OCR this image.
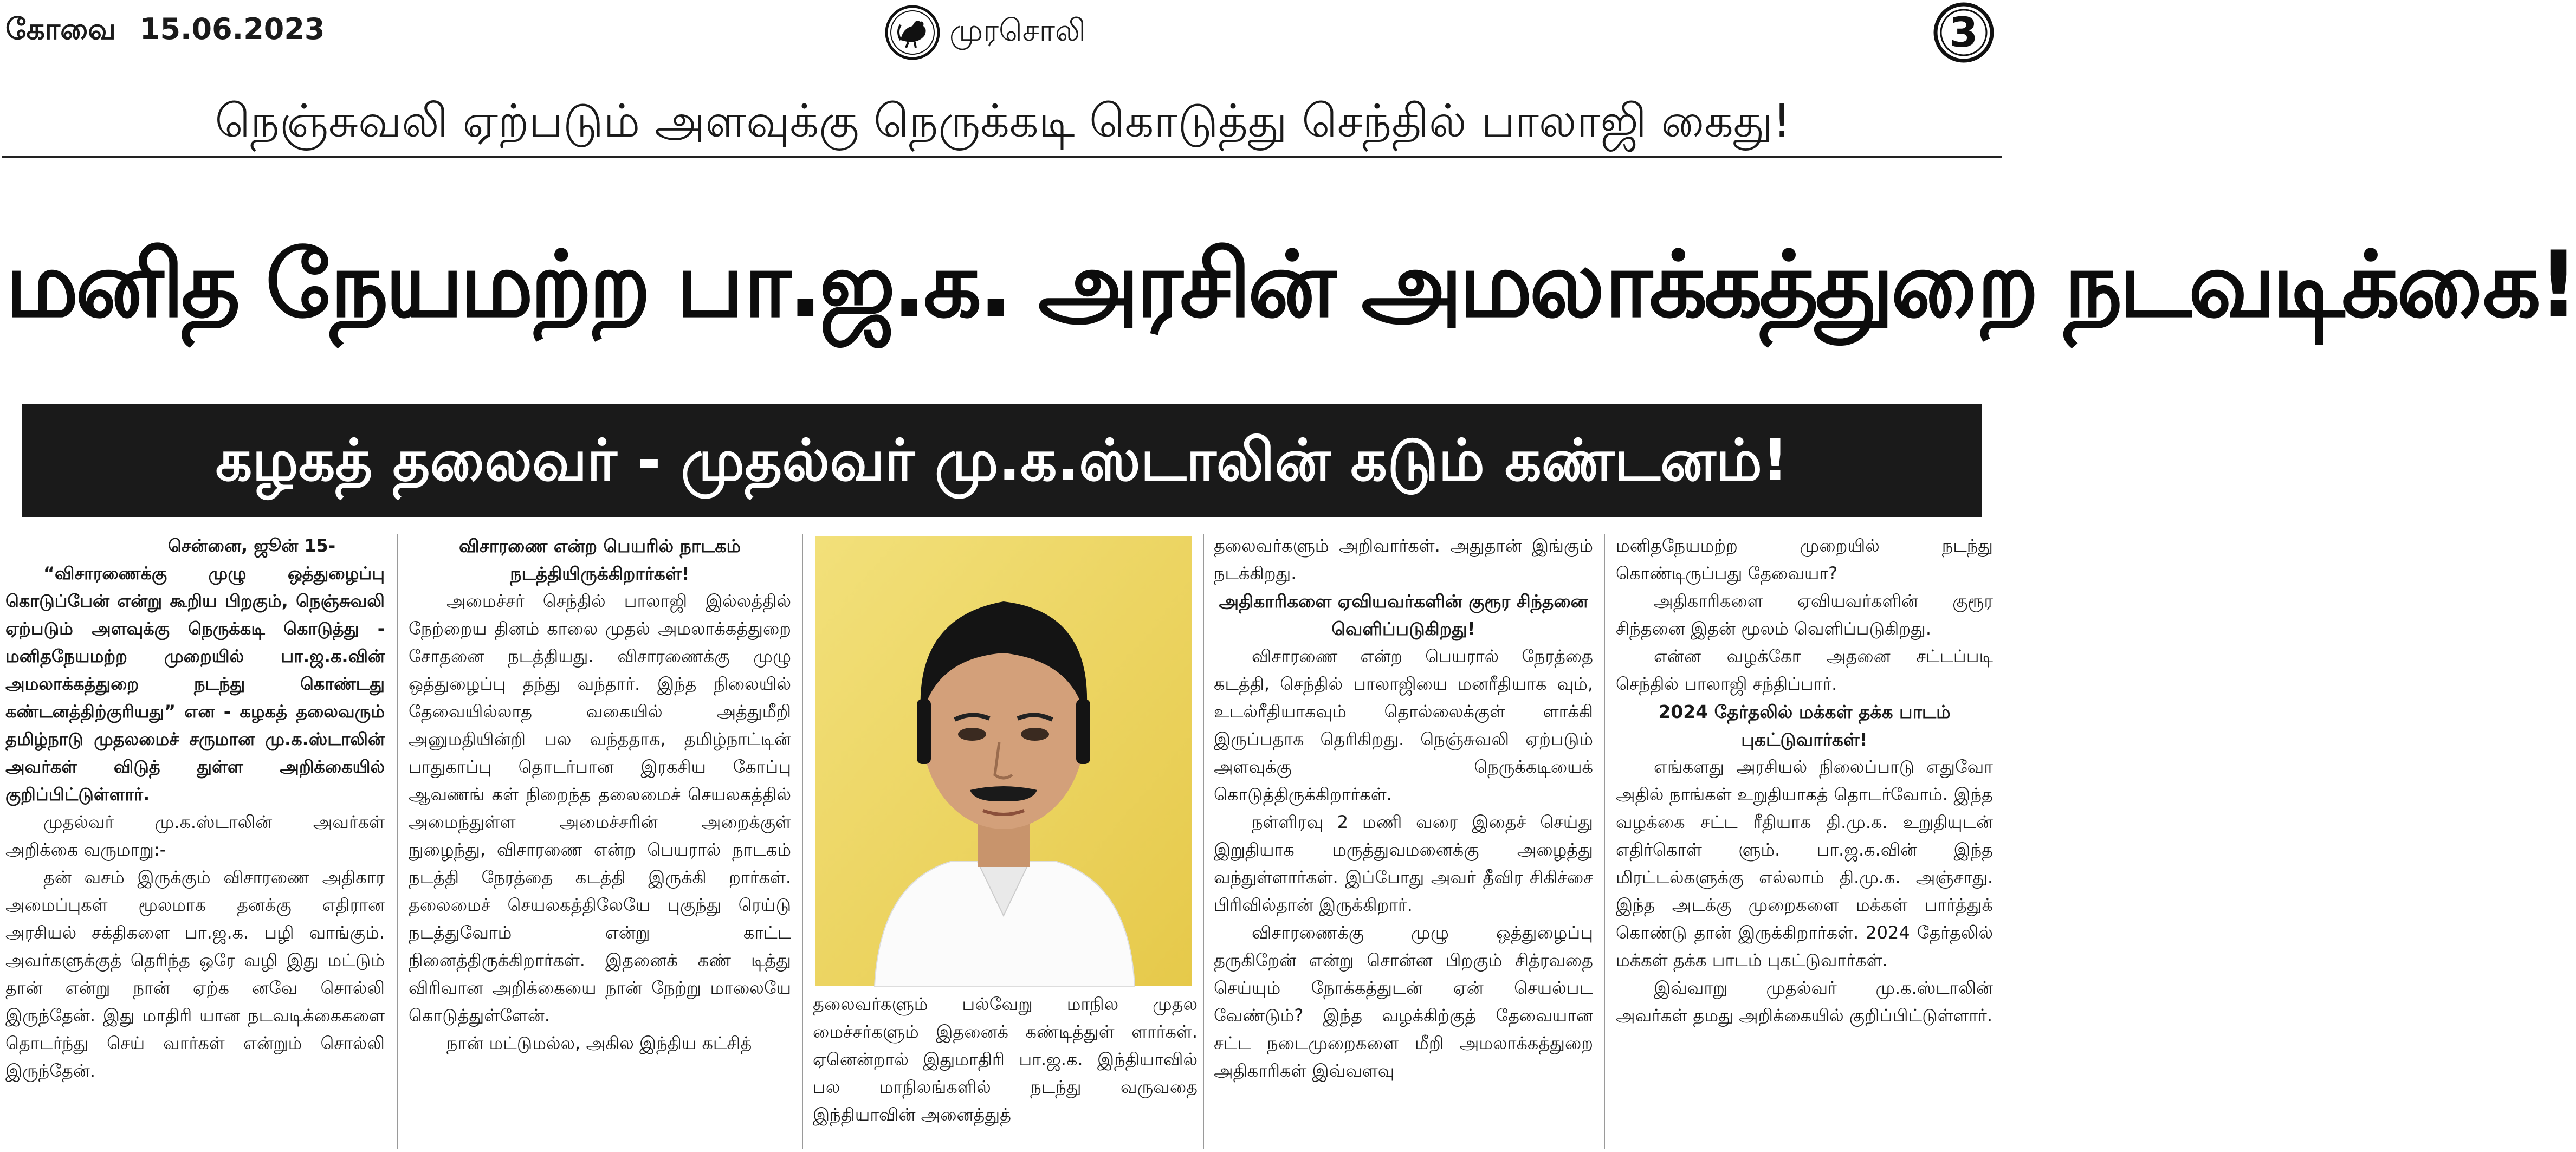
கோவை 15.06.2023	முரசொலி	3
நெஞ்சுவலி ஏற்படும் அளவுக்கு நெருக்கடி கொடுத்து செந்தில் பாலாஜி கைது!
மனித நேயமற்ற பா.ஜ.க. அரசின் அமலாக்கத்துறை நடவடிக்கை!
கழகத் தலைவர் - முதல்வர் மு.க.ஸ்டாலின் கடும் கண்டனம்!

சென்னை, ஜூன் 15-

“விசாரணைக்கு முழு ஒத்துழைப்பு கொடுப்பேன் என்று கூறிய பிறகும், நெஞ்சுவலி ஏற்படும் அளவுக்கு நெருக்கடி கொடுத்து - மனிதநேயமற்ற முறையில் பா.ஜ.க.வின் அமலாக்கத்துறை நடந்து கொண்டது கண்டனத்திற்குரியது” என - கழகத் தலைவரும் தமிழ்நாடு முதலமைச் சருமான மு.க.ஸ்டாலின் அவர்கள் விடுத் துள்ள அறிக்கையில் குறிப்பிட்டுள்ளார்.

முதல்வர் மு.க.ஸ்டாலின் அவர்கள் அறிக்கை வருமாறு:-

தன் வசம் இருக்கும் விசாரணை அதிகார அமைப்புகள் மூலமாக தனக்கு எதிரான அரசியல் சக்திகளை பா.ஜ.க. பழி வாங்கும். அவர்களுக்குத் தெரிந்த ஒரே வழி இது மட்டும் தான் என்று நான் ஏற்க னவே சொல்லி இருந்தேன். இது மாதிரி யான நடவடிக்கைகளை தொடர்ந்து செய் வார்கள் என்றும் சொல்லி இருந்தேன்.

விசாரணை என்ற பெயரில் நாடகம் நடத்தியிருக்கிறார்கள்!

அமைச்சர் செந்தில் பாலாஜி இல்லத்தில் நேற்றைய தினம் காலை முதல் அமலாக்கத்துறை சோதனை நடத்தியது. விசாரணைக்கு முழு ஒத்துழைப்பு தந்து வந்தார். இந்த நிலையில் தேவையில்லாத வகையில் அத்துமீறி அனுமதியின்றி பல வந்ததாக, தமிழ்நாட்டின் பாதுகாப்பு தொடர்பான இரகசிய கோப்பு ஆவணங் கள் நிறைந்த தலைமைச் செயலகத்தில் அமைந்துள்ள அமைச்சரின் அறைக்குள் நுழைந்து, விசாரணை என்ற பெயரால் நாடகம் நடத்தி நேரத்தை கடத்தி இருக்கி றார்கள். தலைமைச் செயலகத்திலேயே புகுந்து ரெய்டு நடத்துவோம் என்று காட்ட நினைத்திருக்கிறார்கள். இதனைக் கண் டித்து விரிவான அறிக்கையை நான் நேற்று மாலையே கொடுத்துள்ளேன்.

நான் மட்டுமல்ல, அகில இந்திய கட்சித்

தலைவர்களும் பல்வேறு மாநில முதல மைச்சர்களும் இதனைக் கண்டித்துள் ளார்கள். ஏனென்றால் இதுமாதிரி பா.ஜ.க. இந்தியாவில் பல மாநிலங்களில் நடந்து வருவதை இந்தியாவின் அனைத்துத்

தலைவர்களும் அறிவார்கள். அதுதான் இங்கும் நடக்கிறது.

அதிகாரிகளை ஏவியவர்களின் குரூர சிந்தனை வெளிப்படுகிறது!

விசாரணை என்ற பெயரால் நேரத்தை கடத்தி, செந்தில் பாலாஜியை மனரீதியாக வும், உடல்ரீதியாகவும் தொல்லைக்குள் ளாக்கி இருப்பதாக தெரிகிறது. நெஞ்சுவலி ஏற்படும் அளவுக்கு நெருக்கடியைக் கொடுத்திருக்கிறார்கள்.

நள்ளிரவு 2 மணி வரை இதைச் செய்து இறுதியாக மருத்துவமனைக்கு அழைத்து வந்துள்ளார்கள். இப்போது அவர் தீவிர சிகிச்சை பிரிவில்தான் இருக்கிறார்.

விசாரணைக்கு முழு ஒத்துழைப்பு தருகிறேன் என்று சொன்ன பிறகும் சித்ரவதை செய்யும் நோக்கத்துடன் ஏன் செயல்பட வேண்டும்? இந்த வழக்கிற்குத் தேவையான சட்ட நடைமுறைகளை மீறி அமலாக்கத்துறை அதிகாரிகள் இவ்வளவு

மனிதநேயமற்ற முறையில் நடந்து கொண்டிருப்பது தேவையா?

அதிகாரிகளை ஏவியவர்களின் குரூர சிந்தனை இதன் மூலம் வெளிப்படுகிறது.

என்ன வழக்கோ அதனை சட்டப்படி செந்தில் பாலாஜி சந்திப்பார்.

2024 தேர்தலில் மக்கள் தக்க பாடம் புகட்டுவார்கள்!

எங்களது அரசியல் நிலைப்பாடு எதுவோ அதில் நாங்கள் உறுதியாகத் தொடர்வோம். இந்த வழக்கை சட்ட ரீதியாக தி.மு.க. உறுதியுடன் எதிர்கொள் ளும். பா.ஜ.க.வின் இந்த மிரட்டல்களுக்கு எல்லாம் தி.மு.க. அஞ்சாது. இந்த அடக்கு முறைகளை மக்கள் பார்த்துக் கொண்டு தான் இருக்கிறார்கள். 2024 தேர்தலில் மக்கள் தக்க பாடம் புகட்டுவார்கள்.

இவ்வாறு முதல்வர் மு.க.ஸ்டாலின் அவர்கள் தமது அறிக்கையில் குறிப்பிட்டுள்ளார்.
